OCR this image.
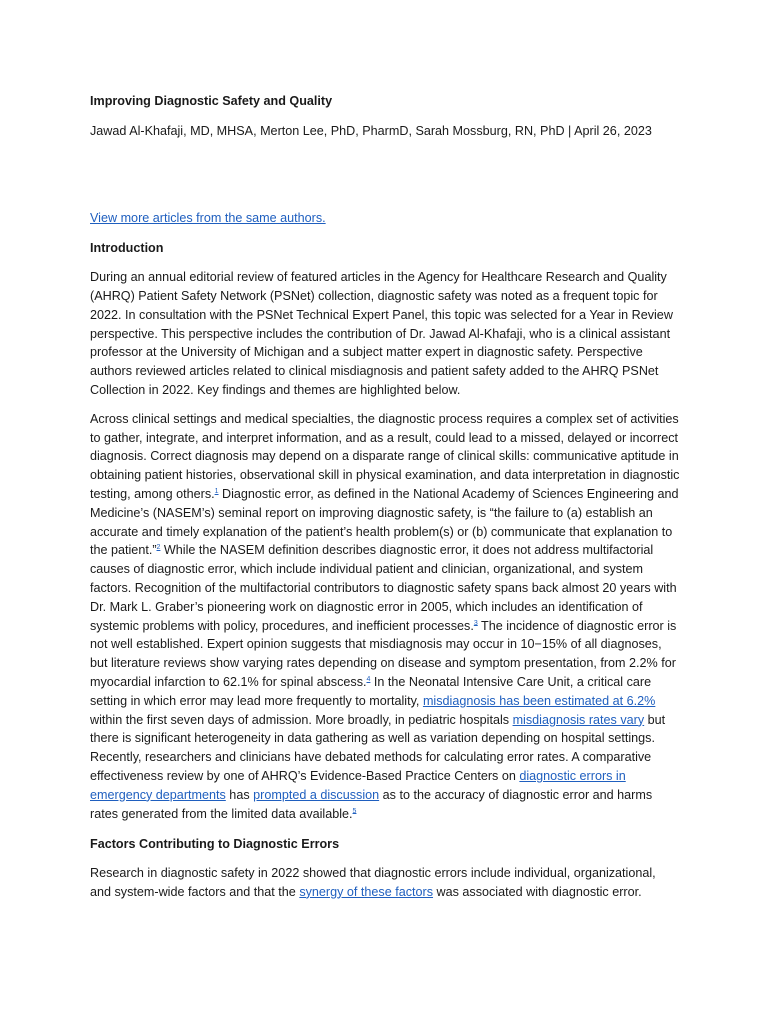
Improving Diagnostic Safety and Quality

Jawad Al-Khafaji, MD, MHSA, Merton Lee, PhD, PharmD, Sarah Mossburg, RN, PhD | April 26, 2023

View more articles from the same authors.
Introduction

During an annual editorial review of featured articles in the Agency for Healthcare Research and Quality (AHRQ) Patient Safety Network (PSNet) collection, diagnostic safety was noted as a frequent topic for 2022. In consultation with the PSNet Technical Expert Panel, this topic was selected for a Year in Review perspective. This perspective includes the contribution of Dr. Jawad Al-Khafaji, who is a clinical assistant professor at the University of Michigan and a subject matter expert in diagnostic safety. Perspective authors reviewed articles related to clinical misdiagnosis and patient safety added to the AHRQ PSNet Collection in 2022. Key findings and themes are highlighted below.

Across clinical settings and medical specialties, the diagnostic process requires a complex set of activities to gather, integrate, and interpret information, and as a result, could lead to a missed, delayed or incorrect diagnosis. Correct diagnosis may depend on a disparate range of clinical skills: communicative aptitude in obtaining patient histories, observational skill in physical examination, and data interpretation in diagnostic testing, among others.$^1$ Diagnostic error, as defined in the National Academy of Sciences Engineering and Medicine’s (NASEM’s) seminal report on improving diagnostic safety, is “the failure to (a) establish an accurate and timely explanation of the patient’s health problem(s) or (b) communicate that explanation to the patient.”$^2$ While the NASEM definition describes diagnostic error, it does not address multifactorial causes of diagnostic error, which include individual patient and clinician, organizational, and system factors. Recognition of the multifactorial contributors to diagnostic safety spans back almost 20 years with Dr. Mark L. Graber’s pioneering work on diagnostic error in 2005, which includes an identification of systemic problems with policy, procedures, and inefficient processes.$^3$ The incidence of diagnostic error is not well established. Expert opinion suggests that misdiagnosis may occur in 10−15% of all diagnoses, but literature reviews show varying rates depending on disease and symptom presentation, from 2.2% for myocardial infarction to 62.1% for spinal abscess.$^4$ In the Neonatal Intensive Care Unit, a critical care setting in which error may lead more frequently to mortality, misdiagnosis has been estimated at 6.2% within the first seven days of admission. More broadly, in pediatric hospitals misdiagnosis rates vary but there is significant heterogeneity in data gathering as well as variation depending on hospital settings. Recently, researchers and clinicians have debated methods for calculating error rates. A comparative effectiveness review by one of AHRQ’s Evidence-Based Practice Centers on diagnostic errors in emergency departments has prompted a discussion as to the accuracy of diagnostic error and harms rates generated from the limited data available.$^5$

Factors Contributing to Diagnostic Errors

Research in diagnostic safety in 2022 showed that diagnostic errors include individual, organizational, and system-wide factors and that the synergy of these factors was associated with diagnostic error.
